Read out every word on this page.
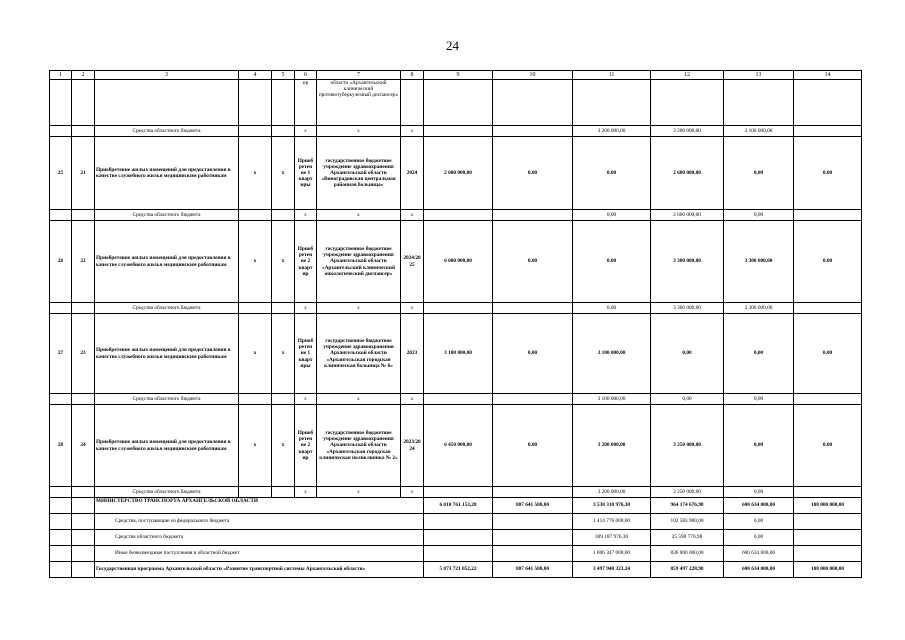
24
1	2	3	4	5	6	7	8	9	10	11	12	13	14
					ир	области «Архангельский клинический противотуберкулезный диспансер»							
		Средства областного бюджета			х	х	х			3 200 000,00	3 200 000,00	3 100 000,00	
25	21	Приобретение жилых помещений для предоставления в качестве служебного жилья медицинским работникам	х	х	Приоб ретен ие 1 кварт иры	государственное бюджетное учреждение здравоохранения Архангельской области «Виноградовская центральная районная больница»	2024	2 600 000,00	0,00	0,00	2 600 000,00	0,00	0,00
		Средства областного бюджета			х	х	х			0,00	2 600 000,00	0,00	
26	22	Приобретение жилых помещений для предоставления в качестве служебного жилья медицинским работникам	х	х	Приоб ретен ие 2 кварт ир	государственное бюджетное учреждение здравоохранения Архангельской области «Архангельский клинический онкологический диспансер»	2024/20 25	6 600 000,00	0,00	0,00	3 300 000,00	3 300 000,00	0,00
		Средства областного бюджета			х	х	х			0,00	3 300 000,00	3 300 000,00	
27	23	Приобретение жилых помещений для предоставления в качестве служебного жилья медицинским работникам	х	х	Приоб ретен ие 1 кварт иры	государственное бюджетное учреждение здравоохранения Архангельской области «Архангельская городская клиническая больница № 6»	2023	3 100 000,00	0,00	3 100 000,00	0,00	0,00	0,00
		Средства областного бюджета			х	х	х			3 100 000,00	0,00	0,00	
28	24	Приобретение жилых помещений для предоставления в качестве служебного жилья медицинским работникам	х	х	Приоб ретен ие 2 кварт ир	государственное бюджетное учреждение здравоохранения Архангельской области «Архангельская городская клиническая поликлиника № 2»	2023/20 24	6 450 000,00	0,00	3 200 000,00	3 250 000,00	0,00	0,00
		Средства областного бюджета			х	х	х			3 200 000,00	3 250 000,00	0,00	
		МИНИСТЕРСТВО ТРАНСПОРТА АРХАНГЕЛЬСКОЙ ОБЛАСТИ						6 010 761 153,28	807 641 500,00	3 530 310 976,30	964 174 676,98	600 634 000,00	108 000 000,00
		Средства, поступающие из федерального бюджета								1 414 776 000,00	102 583 900,00	0,00	
		Средства областного бюджета								309 187 976,30	25 590 776,98	0,00	
		Иные безвозмездные поступления в областной бюджет								1 806 347 000,00	836 000 000,00	600 634 000,00	
		Государственная программа Архангельской области «Развитие транспортной системы Архангельской области»						5 873 721 052,22	807 641 500,00	3 497 948 323,24	859 497 228,98	600 634 000,00	108 000 000,00
